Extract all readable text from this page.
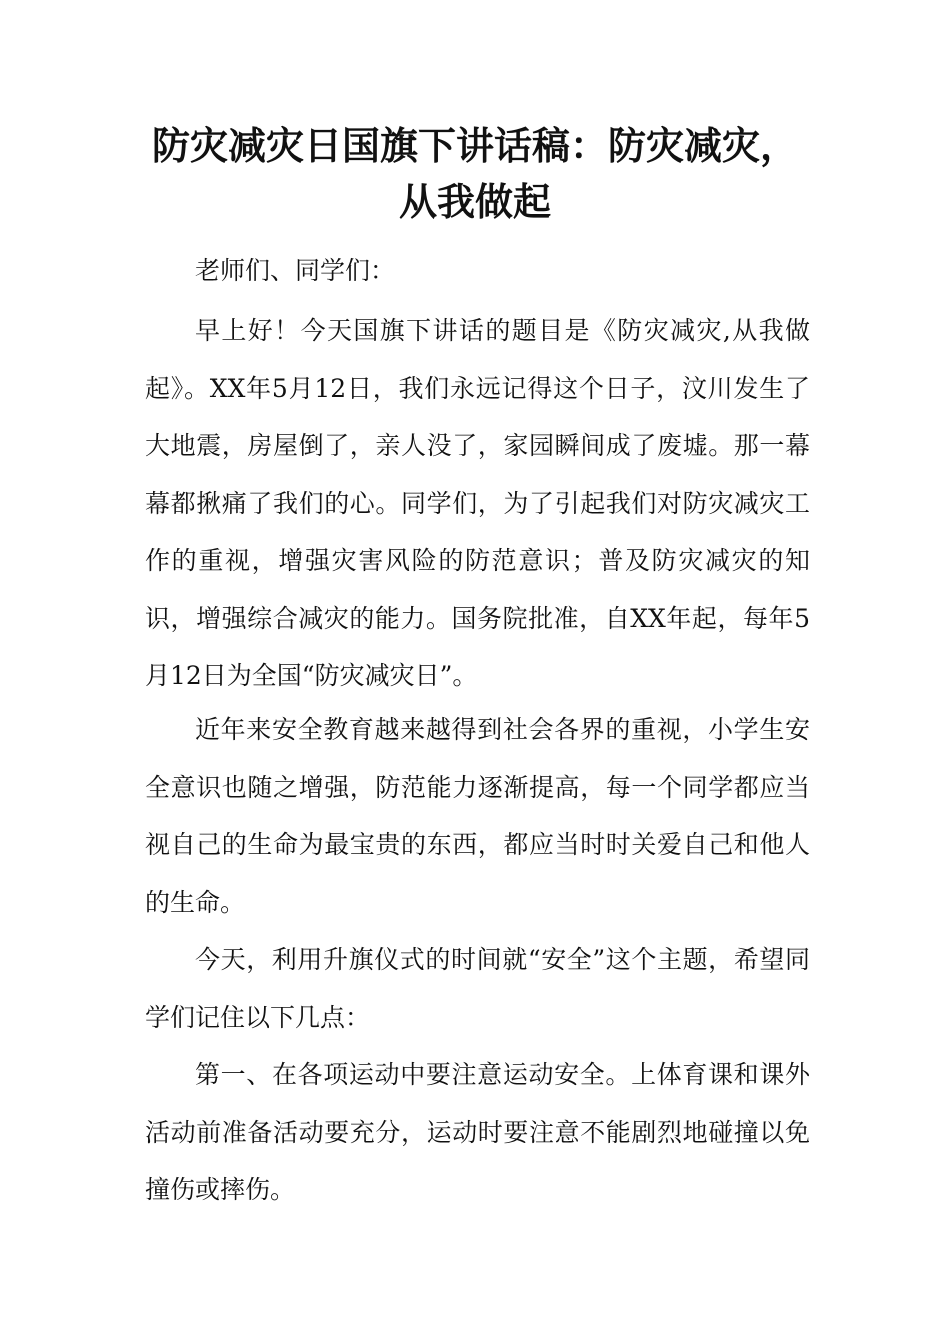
防灾减灾日国旗下讲话稿：防灾减灾，
从我做起

老师们、同学们：

早上好！今天国旗下讲话的题目是《防灾减灾,从我做起》。XX年5月12日，我们永远记得这个日子，汶川发生了大地震，房屋倒了，亲人没了，家园瞬间成了废墟。那一幕幕都揪痛了我们的心。同学们，为了引起我们对防灾减灾工作的重视，增强灾害风险的防范意识；普及防灾减灾的知识，增强综合减灾的能力。国务院批准，自XX年起，每年5月12日为全国“防灾减灾日”。

近年来安全教育越来越得到社会各界的重视，小学生安全意识也随之增强，防范能力逐渐提高，每一个同学都应当视自己的生命为最宝贵的东西，都应当时时关爱自己和他人的生命。

今天，利用升旗仪式的时间就“安全”这个主题，希望同学们记住以下几点：

第一、在各项运动中要注意运动安全。上体育课和课外活动前准备活动要充分，运动时要注意不能剧烈地碰撞以免撞伤或摔伤。
